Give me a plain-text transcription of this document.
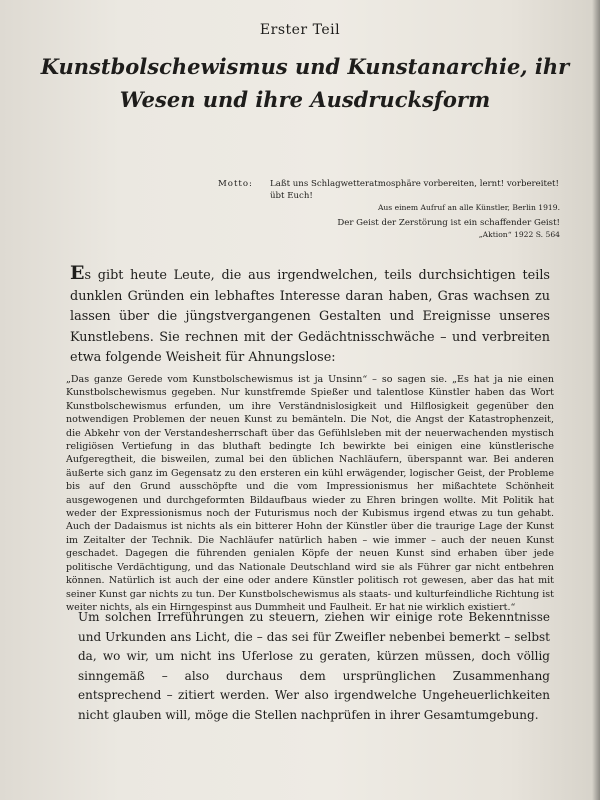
Erster Teil
Kunstbolschewismus und Kunstanarchie, ihr Wesen und ihre Ausdrucksform
Motto:	Laßt uns Schlagwetteratmosphäre vorbereiten, lernt! vorbereitet! übt Euch!
Aus einem Aufruf an alle Künstler, Berlin 1919.
Der Geist der Zerstörung ist ein schaffender Geist!
„Aktion“ 1922 S. 564

Es gibt heute Leute, die aus irgendwelchen, teils durchsichtigen teils dunklen Gründen ein lebhaftes Interesse daran haben, Gras wachsen zu lassen über die jüngstvergangenen Gestalten und Ereignisse unseres Kunstlebens. Sie rechnen mit der Gedächtnisschwäche – und verbreiten etwa folgende Weisheit für Ahnungslose:

„Das ganze Gerede vom Kunstbolschewismus ist ja Unsinn“ – so sagen sie. „Es hat ja nie einen Kunstbolschewismus gegeben. Nur kunstfremde Spießer und talentlose Künstler haben das Wort Kunstbolschewismus erfunden, um ihre Verständnislosigkeit und Hilflosigkeit gegenüber den notwendigen Problemen der neuen Kunst zu bemänteln. Die Not, die Angst der Katastrophenzeit, die Abkehr von der Verstandesherrschaft über das Gefühlsleben mit der neuerwachenden mystisch religiösen Vertiefung in das bluthaft bedingte Ich bewirkte bei einigen eine künstlerische Aufgeregtheit, die bisweilen, zumal bei den üblichen Nachläufern, überspannt war. Bei anderen äußerte sich ganz im Gegensatz zu den ersteren ein kühl erwägender, logischer Geist, der Probleme bis auf den Grund ausschöpfte und die vom Impressionismus her mißachtete Schönheit ausgewogenen und durchgeformten Bildaufbaus wieder zu Ehren bringen wollte. Mit Politik hat weder der Expressionismus noch der Futurismus noch der Kubismus irgend etwas zu tun gehabt. Auch der Dadaismus ist nichts als ein bitterer Hohn der Künstler über die traurige Lage der Kunst im Zeitalter der Technik. Die Nachläufer natürlich haben – wie immer – auch der neuen Kunst geschadet. Dagegen die führenden genialen Köpfe der neuen Kunst sind erhaben über jede politische Verdächtigung, und das Nationale Deutschland wird sie als Führer gar nicht entbehren können. Natürlich ist auch der eine oder andere Künstler politisch rot gewesen, aber das hat mit seiner Kunst gar nichts zu tun. Der Kunstbolschewismus als staats- und kulturfeindliche Richtung ist weiter nichts, als ein Hirngespinst aus Dummheit und Faulheit. Er hat nie wirklich existiert.“

Um solchen Irreführungen zu steuern, ziehen wir einige rote Bekenntnisse und Urkunden ans Licht, die – das sei für Zweifler nebenbei bemerkt – selbst da, wo wir, um nicht ins Uferlose zu geraten, kürzen müssen, doch völlig sinngemäß – also durchaus dem ursprünglichen Zusammenhang entsprechend – zitiert werden. Wer also irgendwelche Ungeheuerlichkeiten nicht glauben will, möge die Stellen nachprüfen in ihrer Gesamtumgebung.
